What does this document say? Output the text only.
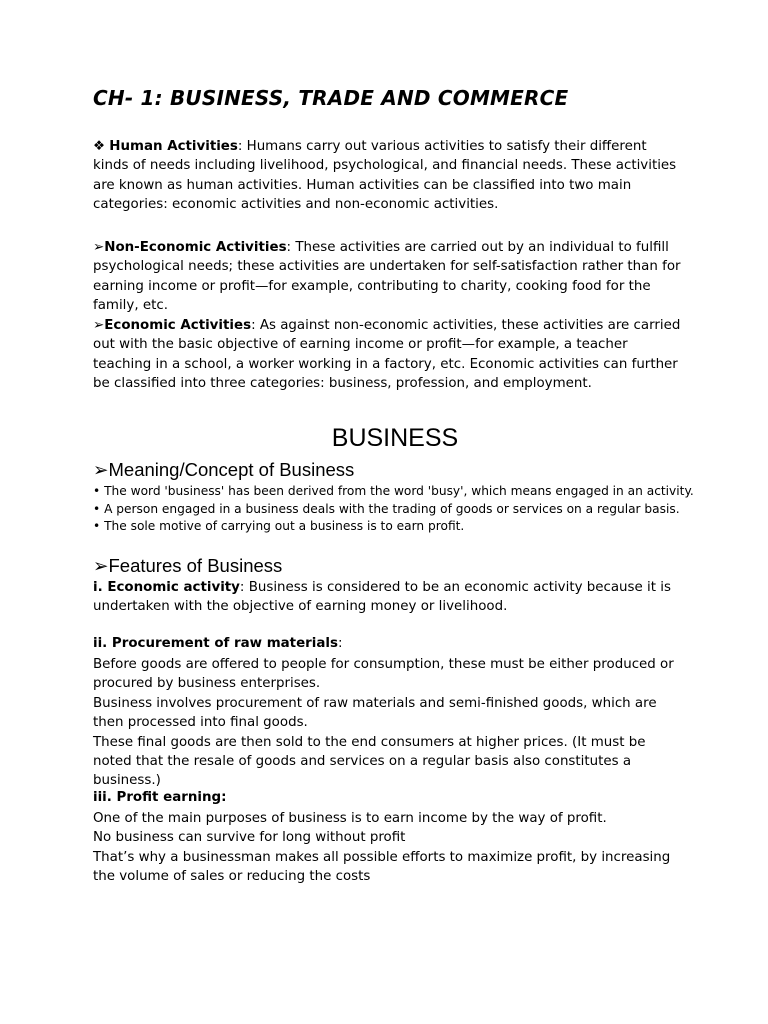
CH- 1: BUSINESS, TRADE AND COMMERCE
❖ Human Activities: Humans carry out various activities to satisfy their different kinds of needs including livelihood, psychological, and financial needs. These activities are known as human activities. Human activities can be classified into two main categories: economic activities and non-economic activities.
➢Non-Economic Activities: These activities are carried out by an individual to fulfill psychological needs; these activities are undertaken for self-satisfaction rather than for earning income or profit—for example, contributing to charity, cooking food for the family, etc.
➢Economic Activities: As against non-economic activities, these activities are carried out with the basic objective of earning income or profit—for example, a teacher teaching in a school, a worker working in a factory, etc. Economic activities can further be classified into three categories: business, profession, and employment.
BUSINESS
➢Meaning/Concept of Business
• The word 'business' has been derived from the word 'busy', which means engaged in an activity.
• A person engaged in a business deals with the trading of goods or services on a regular basis.
• The sole motive of carrying out a business is to earn profit.
➢Features of Business
i. Economic activity: Business is considered to be an economic activity because it is undertaken with the objective of earning money or livelihood.
ii. Procurement of raw materials:
Before goods are offered to people for consumption, these must be either produced or procured by business enterprises.
Business involves procurement of raw materials and semi-finished goods, which are then processed into final goods.
These final goods are then sold to the end consumers at higher prices. (It must be noted that the resale of goods and services on a regular basis also constitutes a business.)
iii. Profit earning:
One of the main purposes of business is to earn income by the way of profit.
No business can survive for long without profit
That’s why a businessman makes all possible efforts to maximize profit, by increasing the volume of sales or reducing the costs
